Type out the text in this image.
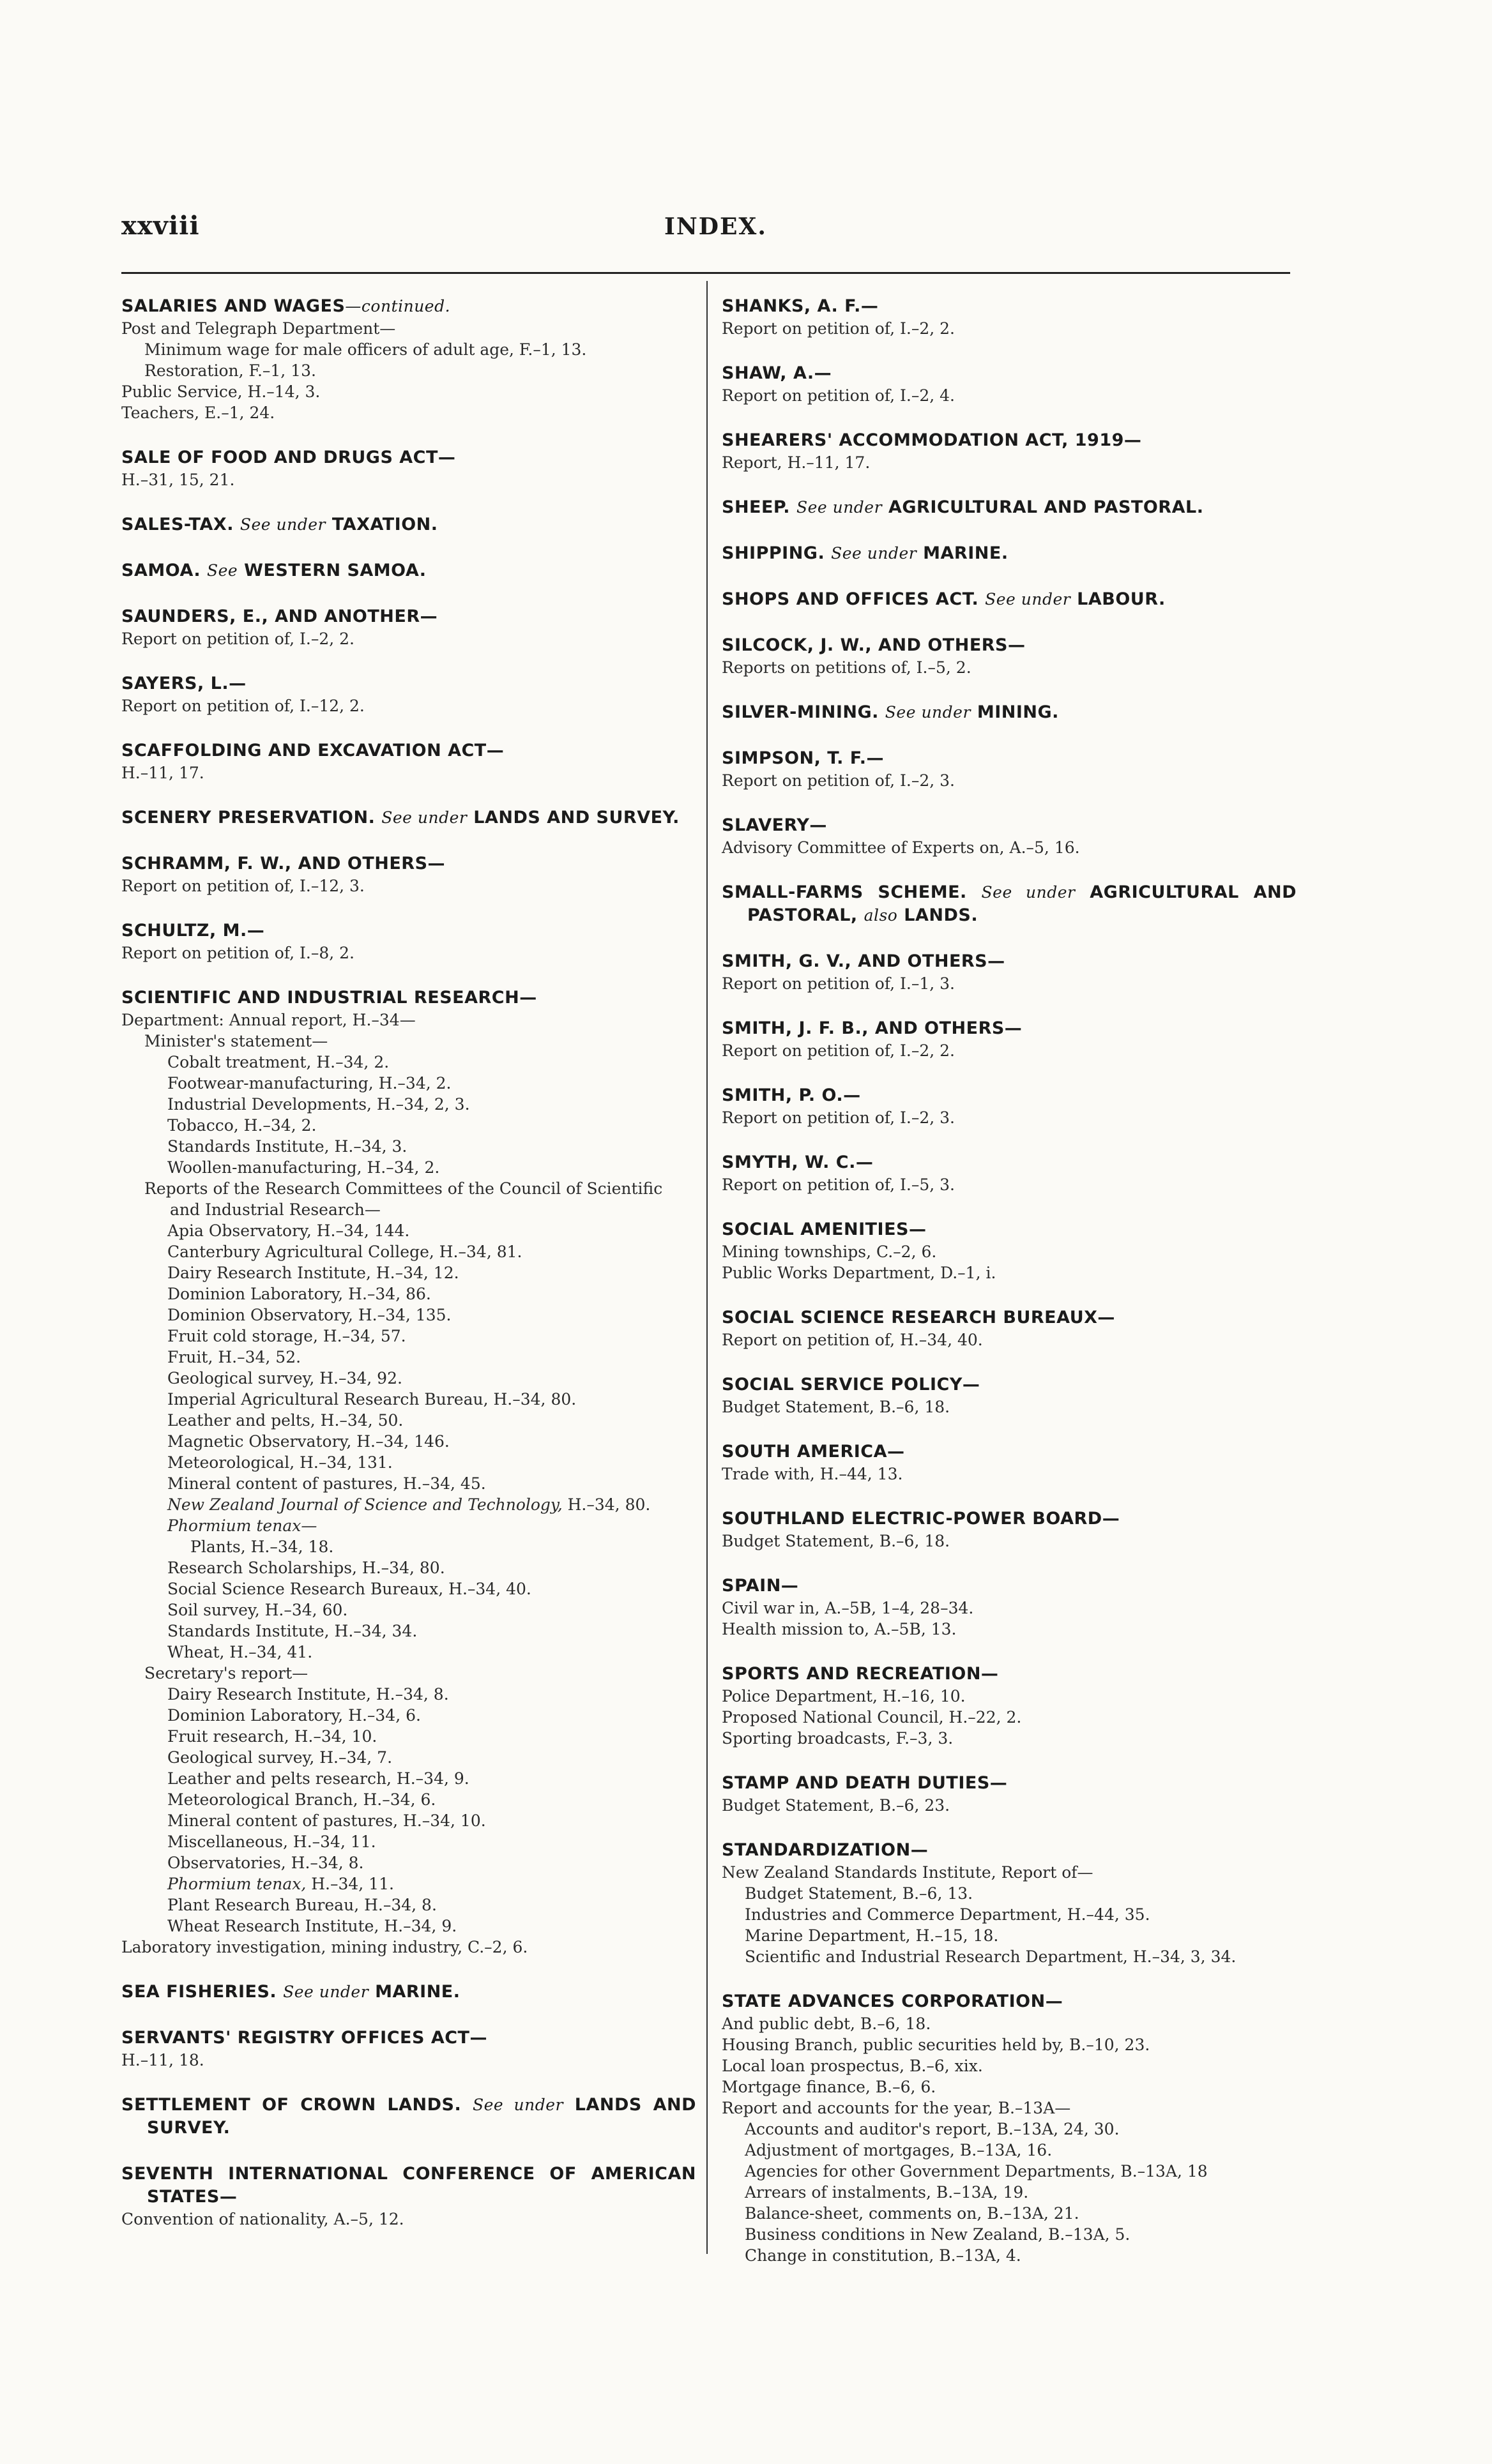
xxviii	INDEX.
SALARIES AND WAGES—continued.
Post and Telegraph Department—
Minimum wage for male officers of adult age, F.–1, 13.
Restoration, F.–1, 13.
Public Service, H.–14, 3.
Teachers, E.–1, 24.
SALE OF FOOD AND DRUGS ACT—
H.–31, 15, 21.
SALES-TAX. See under TAXATION.
SAMOA. See WESTERN SAMOA.
SAUNDERS, E., AND ANOTHER—
Report on petition of, I.–2, 2.
SAYERS, L.—
Report on petition of, I.–12, 2.
SCAFFOLDING AND EXCAVATION ACT—
H.–11, 17.
SCENERY PRESERVATION. See under LANDS AND SURVEY.
SCHRAMM, F. W., AND OTHERS—
Report on petition of, I.–12, 3.
SCHULTZ, M.—
Report on petition of, I.–8, 2.
SCIENTIFIC AND INDUSTRIAL RESEARCH—
Department: Annual report, H.–34—
Minister's statement—
Cobalt treatment, H.–34, 2.
Footwear-manufacturing, H.–34, 2.
Industrial Developments, H.–34, 2, 3.
Tobacco, H.–34, 2.
Standards Institute, H.–34, 3.
Woollen-manufacturing, H.–34, 2.
Reports of the Research Committees of the Council of Scientific and Industrial Research—
Apia Observatory, H.–34, 144.
Canterbury Agricultural College, H.–34, 81.
Dairy Research Institute, H.–34, 12.
Dominion Laboratory, H.–34, 86.
Dominion Observatory, H.–34, 135.
Fruit cold storage, H.–34, 57.
Fruit, H.–34, 52.
Geological survey, H.–34, 92.
Imperial Agricultural Research Bureau, H.–34, 80.
Leather and pelts, H.–34, 50.
Magnetic Observatory, H.–34, 146.
Meteorological, H.–34, 131.
Mineral content of pastures, H.–34, 45.
New Zealand Journal of Science and Technology, H.–34, 80.
Phormium tenax—
Plants, H.–34, 18.
Research Scholarships, H.–34, 80.
Social Science Research Bureaux, H.–34, 40.
Soil survey, H.–34, 60.
Standards Institute, H.–34, 34.
Wheat, H.–34, 41.
Secretary's report—
Dairy Research Institute, H.–34, 8.
Dominion Laboratory, H.–34, 6.
Fruit research, H.–34, 10.
Geological survey, H.–34, 7.
Leather and pelts research, H.–34, 9.
Meteorological Branch, H.–34, 6.
Mineral content of pastures, H.–34, 10.
Miscellaneous, H.–34, 11.
Observatories, H.–34, 8.
Phormium tenax, H.–34, 11.
Plant Research Bureau, H.–34, 8.
Wheat Research Institute, H.–34, 9.
Laboratory investigation, mining industry, C.–2, 6.
SEA FISHERIES. See under MARINE.
SERVANTS' REGISTRY OFFICES ACT—
H.–11, 18.
SETTLEMENT OF CROWN LANDS. See under LANDS AND SURVEY.
SEVENTH INTERNATIONAL CONFERENCE OF AMERICAN STATES—
Convention of nationality, A.–5, 12.
SHANKS, A. F.—
Report on petition of, I.–2, 2.
SHAW, A.—
Report on petition of, I.–2, 4.
SHEARERS' ACCOMMODATION ACT, 1919—
Report, H.–11, 17.
SHEEP. See under AGRICULTURAL AND PASTORAL.
SHIPPING. See under MARINE.
SHOPS AND OFFICES ACT. See under LABOUR.
SILCOCK, J. W., AND OTHERS—
Reports on petitions of, I.–5, 2.
SILVER-MINING. See under MINING.
SIMPSON, T. F.—
Report on petition of, I.–2, 3.
SLAVERY—
Advisory Committee of Experts on, A.–5, 16.
SMALL-FARMS SCHEME. See under AGRICULTURAL AND PASTORAL, also LANDS.
SMITH, G. V., AND OTHERS—
Report on petition of, I.–1, 3.
SMITH, J. F. B., AND OTHERS—
Report on petition of, I.–2, 2.
SMITH, P. O.—
Report on petition of, I.–2, 3.
SMYTH, W. C.—
Report on petition of, I.–5, 3.
SOCIAL AMENITIES—
Mining townships, C.–2, 6.
Public Works Department, D.–1, i.
SOCIAL SCIENCE RESEARCH BUREAUX—
Report on petition of, H.–34, 40.
SOCIAL SERVICE POLICY—
Budget Statement, B.–6, 18.
SOUTH AMERICA—
Trade with, H.–44, 13.
SOUTHLAND ELECTRIC-POWER BOARD—
Budget Statement, B.–6, 18.
SPAIN—
Civil war in, A.–5B, 1–4, 28–34.
Health mission to, A.–5B, 13.
SPORTS AND RECREATION—
Police Department, H.–16, 10.
Proposed National Council, H.–22, 2.
Sporting broadcasts, F.–3, 3.
STAMP AND DEATH DUTIES—
Budget Statement, B.–6, 23.
STANDARDIZATION—
New Zealand Standards Institute, Report of—
Budget Statement, B.–6, 13.
Industries and Commerce Department, H.–44, 35.
Marine Department, H.–15, 18.
Scientific and Industrial Research Department, H.–34, 3, 34.
STATE ADVANCES CORPORATION—
And public debt, B.–6, 18.
Housing Branch, public securities held by, B.–10, 23.
Local loan prospectus, B.–6, xix.
Mortgage finance, B.–6, 6.
Report and accounts for the year, B.–13A—
Accounts and auditor's report, B.–13A, 24, 30.
Adjustment of mortgages, B.–13A, 16.
Agencies for other Government Departments, B.–13A, 18
Arrears of instalments, B.–13A, 19.
Balance-sheet, comments on, B.–13A, 21.
Business conditions in New Zealand, B.–13A, 5.
Change in constitution, B.–13A, 4.
